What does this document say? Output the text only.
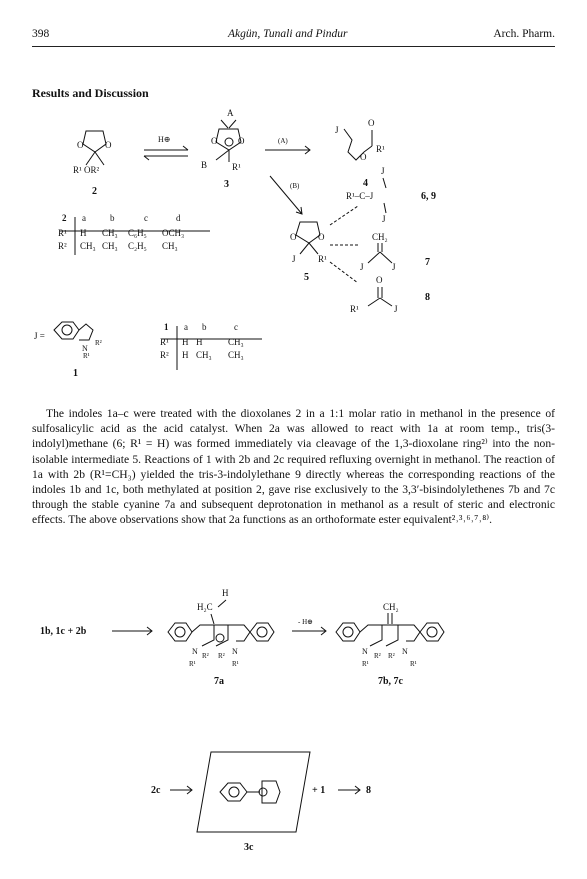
398	Akgün, Tunali and Pindur	Arch. Pharm.
Results and Discussion
O O
R¹ OR²
2
H⊕
A
O O
B	R¹
3
(A)
J
O
O
R¹
4
(B)
O O
J R¹
5
J
R¹–C–J
J
6, 9
CH₂
J	J	7
O
R¹	J
8
J =
N
R¹
R²
1
2 a	b	c	d
R¹ H CH₃ C₆H₅ OCH₃
R² CH₃ CH₃ C₂H₅ CH₃
1 a b	c
R¹ H H	CH₃
R² H CH₃ CH₃

The indoles 1a–c were treated with the dioxolanes 2 in a 1:1 molar ratio in methanol in the presence of sulfosalicylic acid as the acid catalyst. When 2a was allowed to react with 1a at room temp., tris(3-indolyl)methane (6; R¹ = H) was formed immediately via cleavage of the 1,3-dioxolane ring²⁾ into the non-isolable intermediate 5. Reactions of 1 with 2b and 2c required refluxing overnight in methanol. The reaction of 1a with 2b (R¹=CH₃) yielded the tris-3-indolylethane 9 directly whereas the corresponding reactions of the indoles 1b and 1c, both methylated at position 2, gave rise exclusively to the 3,3′-bisindolylethenes 7b and 7c through the stable cyanine 7a and subsequent deprotonation in methanol as a result of steric and electronic effects. The above observations show that 2a functions as an orthoformate ester equivalent²˒³˒⁶˒⁷˒⁸⁾.

1b, 1c + 2b
H
H₂C
N R² R² N
R¹	R¹
7a
- H⊕
CH₂
N R² R² N
R¹	R¹
7b, 7c
2c	+ 1	8
3c
